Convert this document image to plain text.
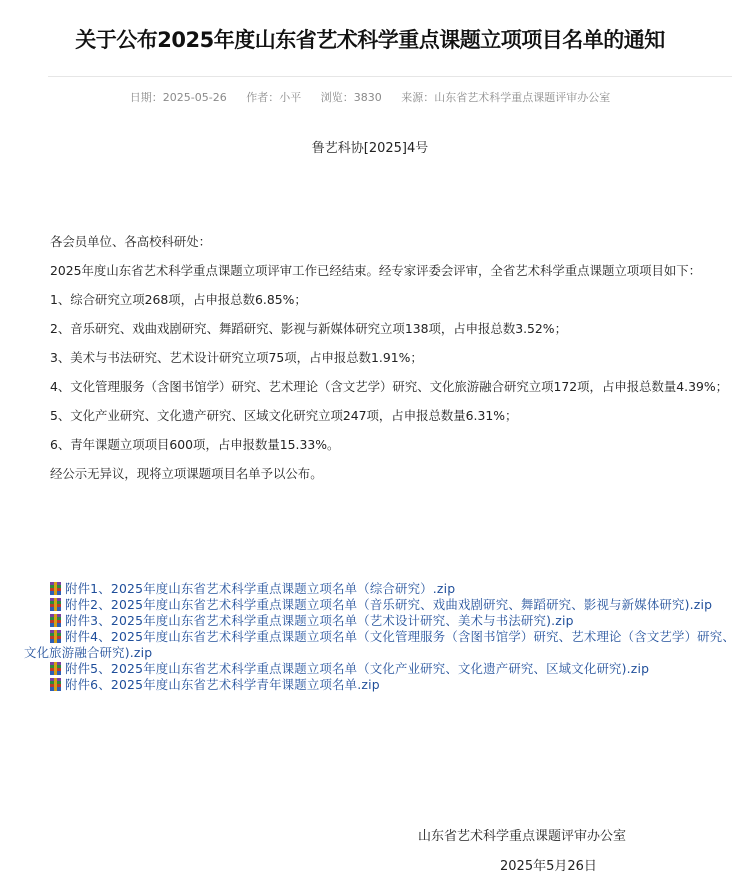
关于公布2025年度山东省艺术科学重点课题立项项目名单的通知
日期：2025-05-26 作者：小平 浏览：3830 来源：山东省艺术科学重点课题评审办公室
鲁艺科协[2025]4号

各会员单位、各高校科研处：

2025年度山东省艺术科学重点课题立项评审工作已经结束。经专家评委会评审，全省艺术科学重点课题立项项目如下：

1、综合研究立项268项，占申报总数6.85%；

2、音乐研究、戏曲戏剧研究、舞蹈研究、影视与新媒体研究立项138项，占申报总数3.52%；

3、美术与书法研究、艺术设计研究立项75项，占申报总数1.91%；

4、文化管理服务（含图书馆学）研究、艺术理论（含文艺学）研究、文化旅游融合研究立项172项，占申报总数量4.39%；

5、文化产业研究、文化遗产研究、区域文化研究立项247项，占申报总数量6.31%；

6、青年课题立项项目600项，占申报数量15.33%。

经公示无异议，现将立项课题项目名单予以公布。

附件1、2025年度山东省艺术科学重点课题立项名单（综合研究）.zip
附件2、2025年度山东省艺术科学重点课题立项名单（音乐研究、戏曲戏剧研究、舞蹈研究、影视与新媒体研究).zip
附件3、2025年度山东省艺术科学重点课题立项名单（艺术设计研究、美术与书法研究).zip
附件4、2025年度山东省艺术科学重点课题立项名单（文化管理服务（含图书馆学）研究、艺术理论（含文艺学）研究、文化旅游融合研究).zip
附件5、2025年度山东省艺术科学重点课题立项名单（文化产业研究、文化遗产研究、区域文化研究).zip
附件6、2025年度山东省艺术科学青年课题立项名单.zip
山东省艺术科学重点课题评审办公室
2025年5月26日
